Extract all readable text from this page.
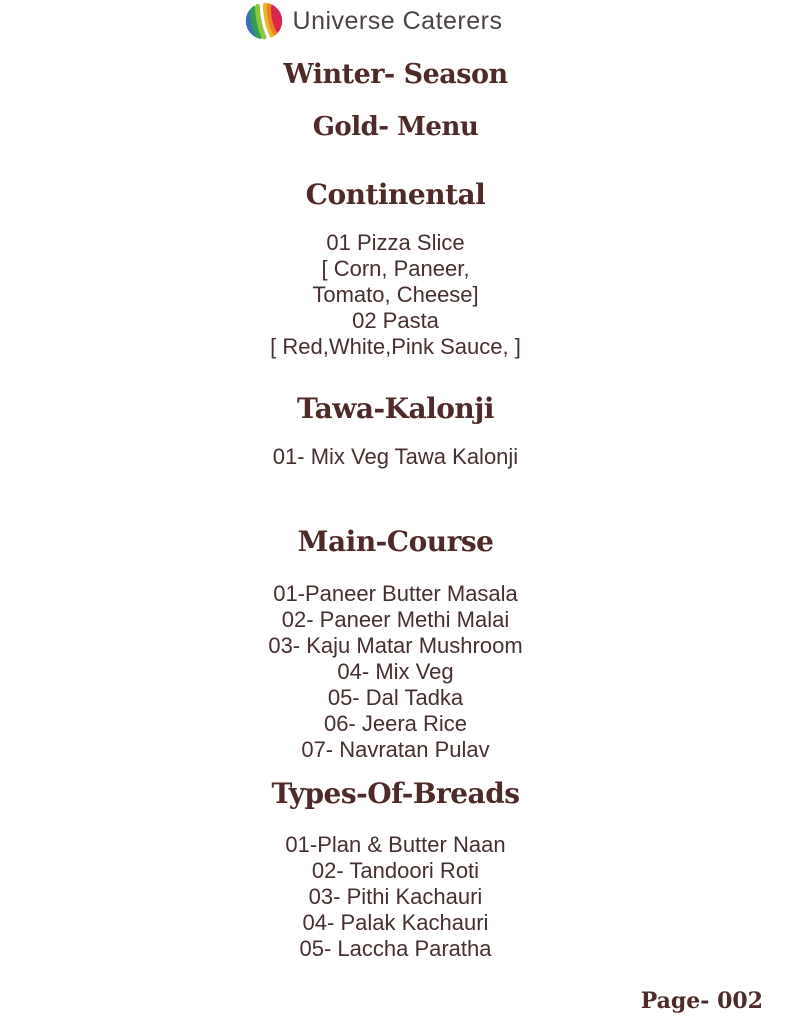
Universe Caterers
Winter- Season
Gold- Menu
Continental
01 Pizza Slice
[ Corn, Paneer,
Tomato, Cheese]
02 Pasta
[ Red,White,Pink Sauce, ]
Tawa-Kalonji
01- Mix Veg Tawa Kalonji
Main-Course
01-Paneer Butter Masala
02- Paneer Methi Malai
03- Kaju Matar Mushroom
04- Mix Veg
05- Dal Tadka
06- Jeera Rice
07- Navratan Pulav
Types-Of-Breads
01-Plan & Butter Naan
02- Tandoori Roti
03- Pithi Kachauri
04- Palak Kachauri
05- Laccha Paratha
Page- 002
